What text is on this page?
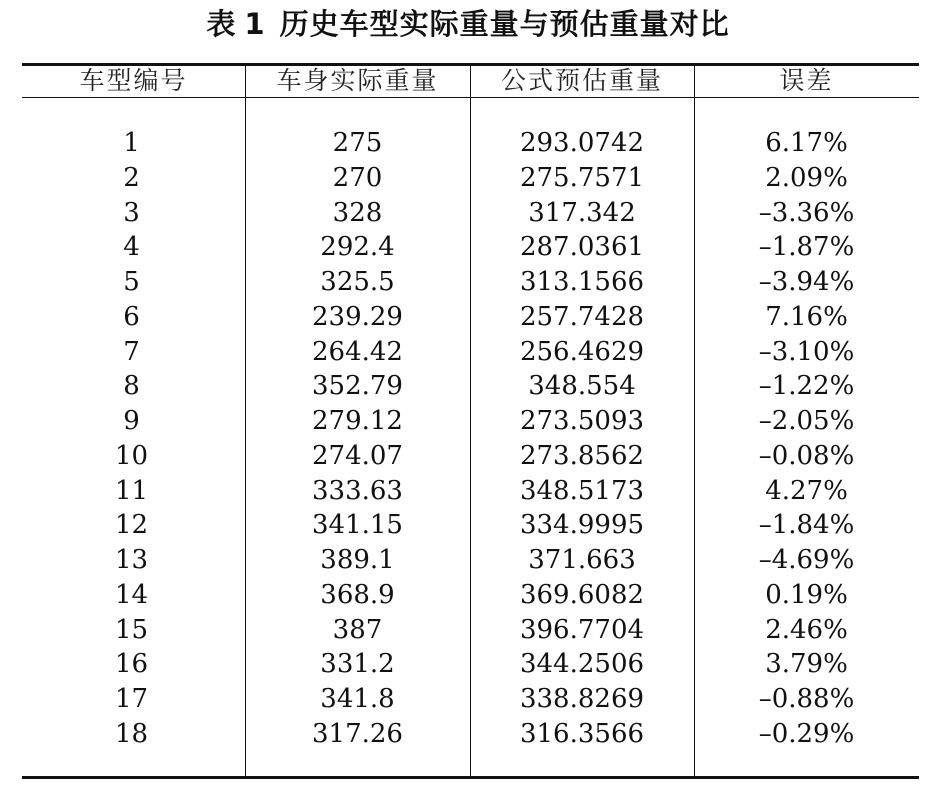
表 1 历史车型实际重量与预估重量对比
车型编号	车身实际重量	公式预估重量	误差
1	275	293.0742	6.17%
2	270	275.7571	2.09%
3	328	317.342	–3.36%
4	292.4	287.0361	–1.87%
5	325.5	313.1566	–3.94%
6	239.29	257.7428	7.16%
7	264.42	256.4629	–3.10%
8	352.79	348.554	–1.22%
9	279.12	273.5093	–2.05%
10	274.07	273.8562	–0.08%
11	333.63	348.5173	4.27%
12	341.15	334.9995	–1.84%
13	389.1	371.663	–4.69%
14	368.9	369.6082	0.19%
15	387	396.7704	2.46%
16	331.2	344.2506	3.79%
17	341.8	338.8269	–0.88%
18	317.26	316.3566	–0.29%
